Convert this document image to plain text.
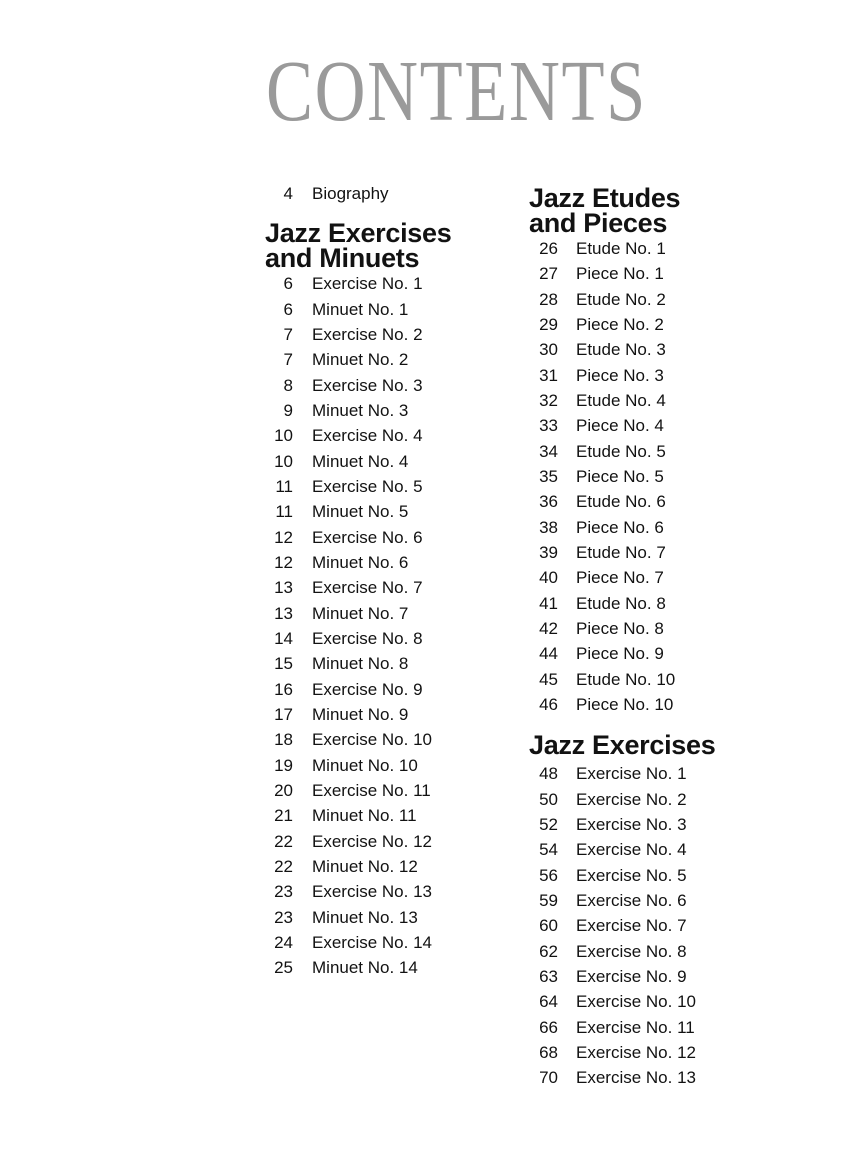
CONTENTS
4 Biography
Jazz Exercises
and Minuets
6 Exercise No. 1
6 Minuet No. 1
7 Exercise No. 2
7 Minuet No. 2
8 Exercise No. 3
9 Minuet No. 3
10 Exercise No. 4
10 Minuet No. 4
11 Exercise No. 5
11 Minuet No. 5
12 Exercise No. 6
12 Minuet No. 6
13 Exercise No. 7
13 Minuet No. 7
14 Exercise No. 8
15 Minuet No. 8
16 Exercise No. 9
17 Minuet No. 9
18 Exercise No. 10
19 Minuet No. 10
20 Exercise No. 11
21 Minuet No. 11
22 Exercise No. 12
22 Minuet No. 12
23 Exercise No. 13
23 Minuet No. 13
24 Exercise No. 14
25 Minuet No. 14
Jazz Etudes
and Pieces
26 Etude No. 1
27 Piece No. 1
28 Etude No. 2
29 Piece No. 2
30 Etude No. 3
31 Piece No. 3
32 Etude No. 4
33 Piece No. 4
34 Etude No. 5
35 Piece No. 5
36 Etude No. 6
38 Piece No. 6
39 Etude No. 7
40 Piece No. 7
41 Etude No. 8
42 Piece No. 8
44 Piece No. 9
45 Etude No. 10
46 Piece No. 10
Jazz Exercises
48 Exercise No. 1
50 Exercise No. 2
52 Exercise No. 3
54 Exercise No. 4
56 Exercise No. 5
59 Exercise No. 6
60 Exercise No. 7
62 Exercise No. 8
63 Exercise No. 9
64 Exercise No. 10
66 Exercise No. 11
68 Exercise No. 12
70 Exercise No. 13
